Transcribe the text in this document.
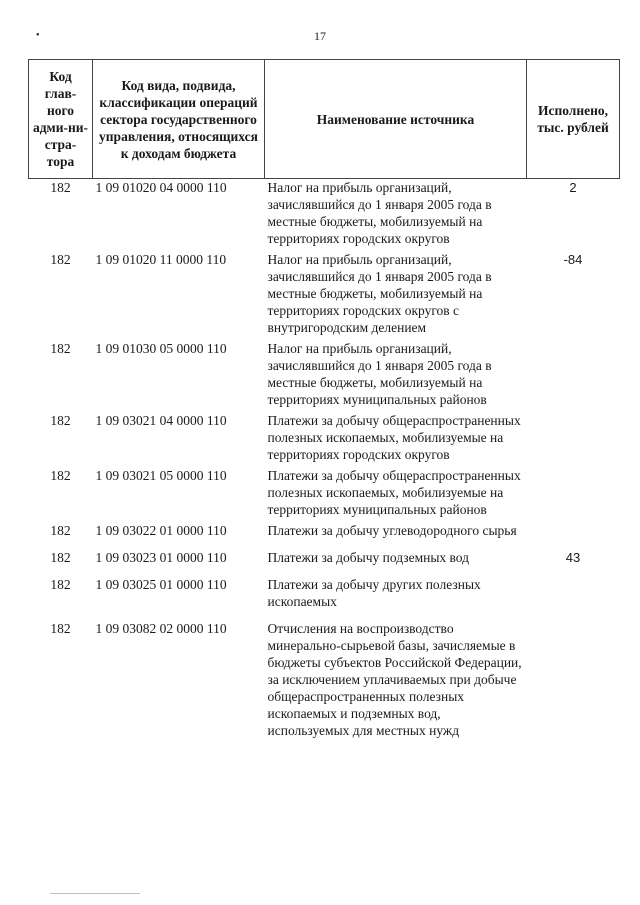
•	17
Код глав-ного адми-ни-стра-тора	Код вида, подвида, классификации операций сектора государственного управления, относящихся к доходам бюджета	Наименование источника	Исполнено, тыс. рублей
182	1 09 01020 04 0000 110	Налог на прибыль организаций, зачислявшийся до 1 января 2005 года в местные бюджеты, мобилизуемый на территориях городских округов	2
182	1 09 01020 11 0000 110	Налог на прибыль организаций, зачислявшийся до 1 января 2005 года в местные бюджеты, мобилизуемый на территориях городских округов с внутригородским делением	-84
182	1 09 01030 05 0000 110	Налог на прибыль организаций, зачислявшийся до 1 января 2005 года в местные бюджеты, мобилизуемый на территориях муниципальных районов	
182	1 09 03021 04 0000 110	Платежи за добычу общераспространенных полезных ископаемых, мобилизуемые на территориях городских округов	
182	1 09 03021 05 0000 110	Платежи за добычу общераспространенных полезных ископаемых, мобилизуемые на территориях муниципальных районов	
182	1 09 03022 01 0000 110	Платежи за добычу углеводородного сырья	
182	1 09 03023 01 0000 110	Платежи за добычу подземных вод	43
182	1 09 03025 01 0000 110	Платежи за добычу других полезных ископаемых	
182	1 09 03082 02 0000 110	Отчисления на воспроизводство минерально-сырьевой базы, зачисляемые в бюджеты субъектов Российской Федерации, за исключением уплачиваемых при добыче общераспространенных полезных ископаемых и подземных вод, используемых для местных нужд	
